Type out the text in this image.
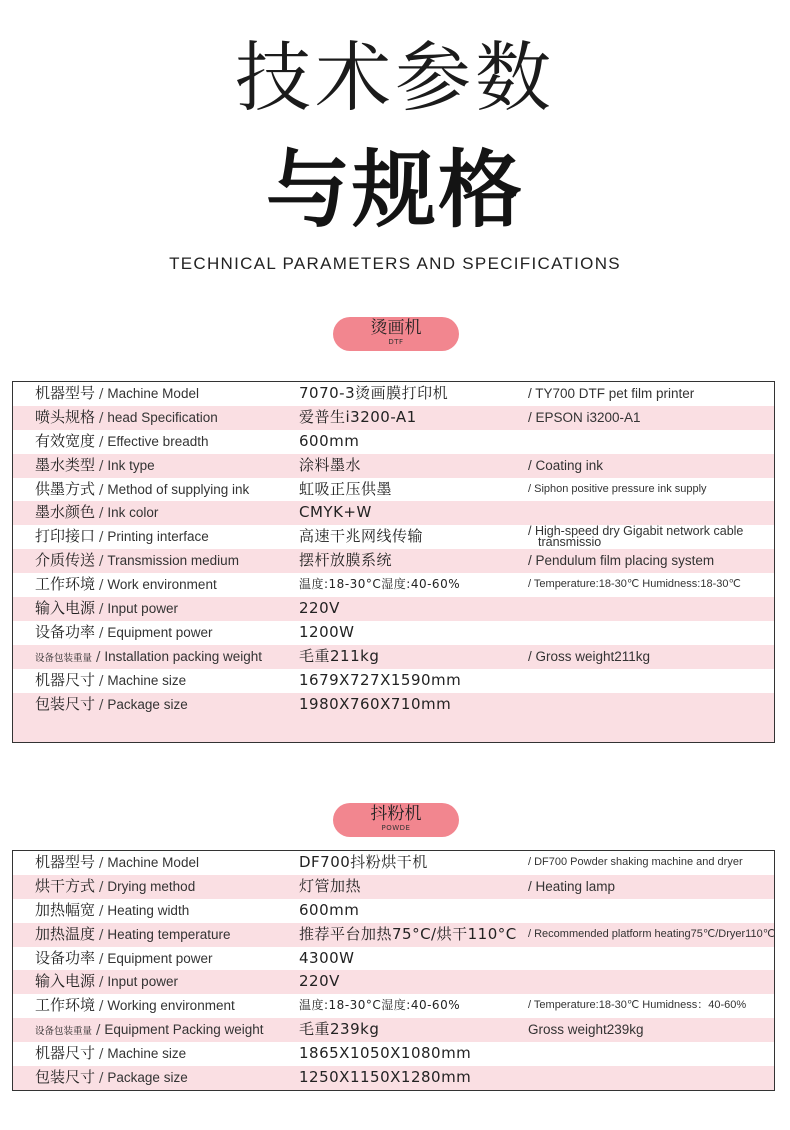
技术参数
与规格
TECHNICAL PARAMETERS AND SPECIFICATIONS
烫画机
DTF
机器型号 / Machine Model	7070-3烫画膜打印机	/ TY700 DTF pet film printer
喷头规格 / head Specification	爱普生i3200-A1	/ EPSON i3200-A1
有效宽度 / Effective breadth	600mm
墨水类型 / Ink type	涂料墨水	/ Coating ink
供墨方式 / Method of supplying ink	虹吸正压供墨	/ Siphon positive pressure ink supply
墨水颜色 / Ink color	CMYK+W
打印接口 / Printing interface	高速干兆网线传输	/ High-speed dry Gigabit network cable
transmissio
介质传送 / Transmission medium	摆杆放膜系统	/ Pendulum film placing system
工作环境 / Work environment	温度:18-30°C湿度:40-60%	/ Temperature:18-30℃ Humidness:18-30℃
输入电源 / Input power	220V
设备功率 / Equipment power	1200W
设备包装重量 / Installation packing weight 毛重211kg	/ Gross weight211kg
机器尺寸 / Machine size	1679X727X1590mm
包装尺寸 / Package size	1980X760X710mm
抖粉机
POWDE
机器型号 / Machine Model	DF700抖粉烘干机	/ DF700 Powder shaking machine and dryer
烘干方式 / Drying method	灯管加热	/ Heating lamp
加热幅宽 / Heating width	600mm
加热温度 / Heating temperature	推荐平台加热75°C/烘干110°C / Recommended platform heating75℃/Dryer110℃
设备功率 / Equipment power	4300W
输入电源 / Input power	220V
工作环境 / Working environment	温度:18-30°C湿度:40-60%	/ Temperature:18-30℃ Humidness：40-60%
设备包装重量 / Equipment Packing weight 毛重239kg	Gross weight239kg
机器尺寸 / Machine size	1865X1050X1080mm
包装尺寸 / Package size	1250X1150X1280mm
